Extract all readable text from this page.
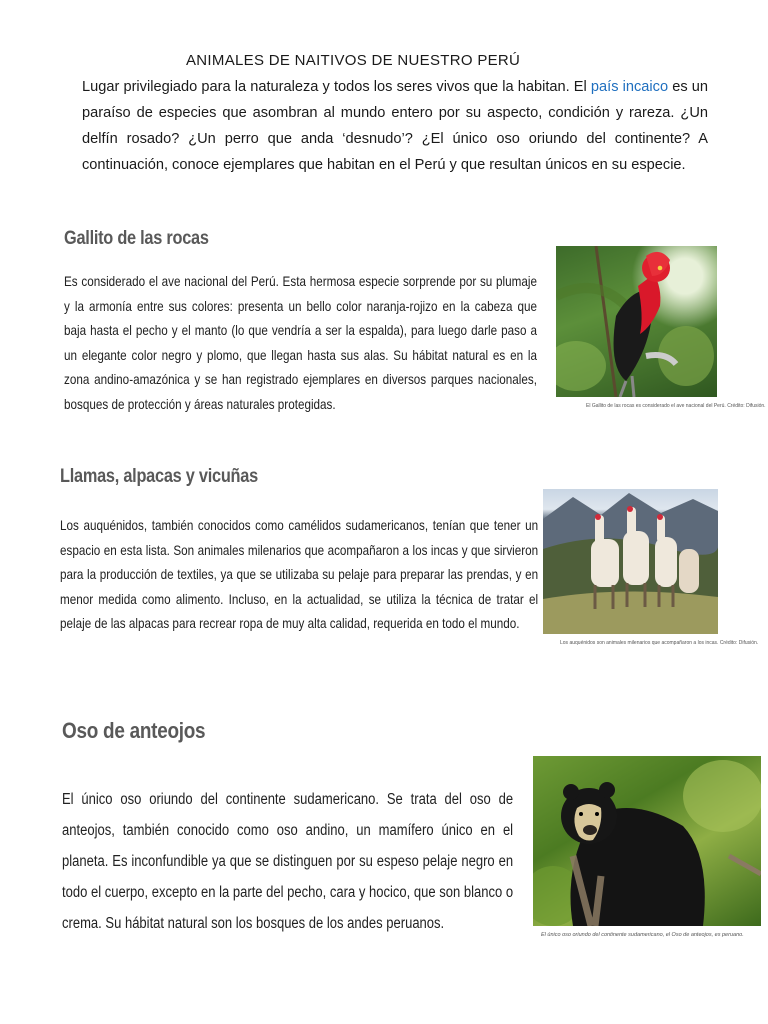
ANIMALES DE NAITIVOS DE NUESTRO PERÚ
Lugar privilegiado para la naturaleza y todos los seres vivos que la habitan. El país incaico es un paraíso de especies que asombran al mundo entero por su aspecto, condición y rareza. ¿Un delfín rosado? ¿Un perro que anda ‘desnudo’? ¿El único oso oriundo del continente? A continuación, conoce ejemplares que habitan en el Perú y que resultan únicos en su especie.
Gallito de las rocas
Es considerado el ave nacional del Perú. Esta hermosa especie sorprende por su plumaje y la armonía entre sus colores: presenta un bello color naranja-rojizo en la cabeza que baja hasta el pecho y el manto (lo que vendría a ser la espalda), para luego darle paso a un elegante color negro y plomo, que llegan hasta sus alas. Su hábitat natural es en la zona andino-amazónica y se han registrado ejemplares en diversos parques nacionales, bosques de protección y áreas naturales protegidas.	El Gallito de las rocas es considerado el ave nacional del Perú. Crédito: Difusión.
Llamas, alpacas y vicuñas
Los auquénidos, también conocidos como camélidos sudamericanos, tenían que tener un espacio en esta lista. Son animales milenarios que acompañaron a los incas y que sirvieron para la producción de textiles, ya que se utilizaba su pelaje para preparar las prendas, y en menor medida como alimento. Incluso, en la actualidad, se utiliza la técnica de tratar el pelaje de las alpacas para recrear ropa de muy alta calidad, requerida en todo el mundo.
Los auquénidos son animales milenarios que acompañaron a los incas. Crédito: Difusión.
Oso de anteojos
El único oso oriundo del continente sudamericano. Se trata del oso de anteojos, también conocido como oso andino, un mamífero único en el planeta. Es inconfundible ya que se distinguen por su espeso pelaje negro en todo el cuerpo, excepto en la parte del pecho, cara y hocico, que son blanco o crema. Su hábitat natural son los bosques de los andes peruanos.
El único oso oriundo del continente sudamericano, el Oso de anteojos, es peruano.
